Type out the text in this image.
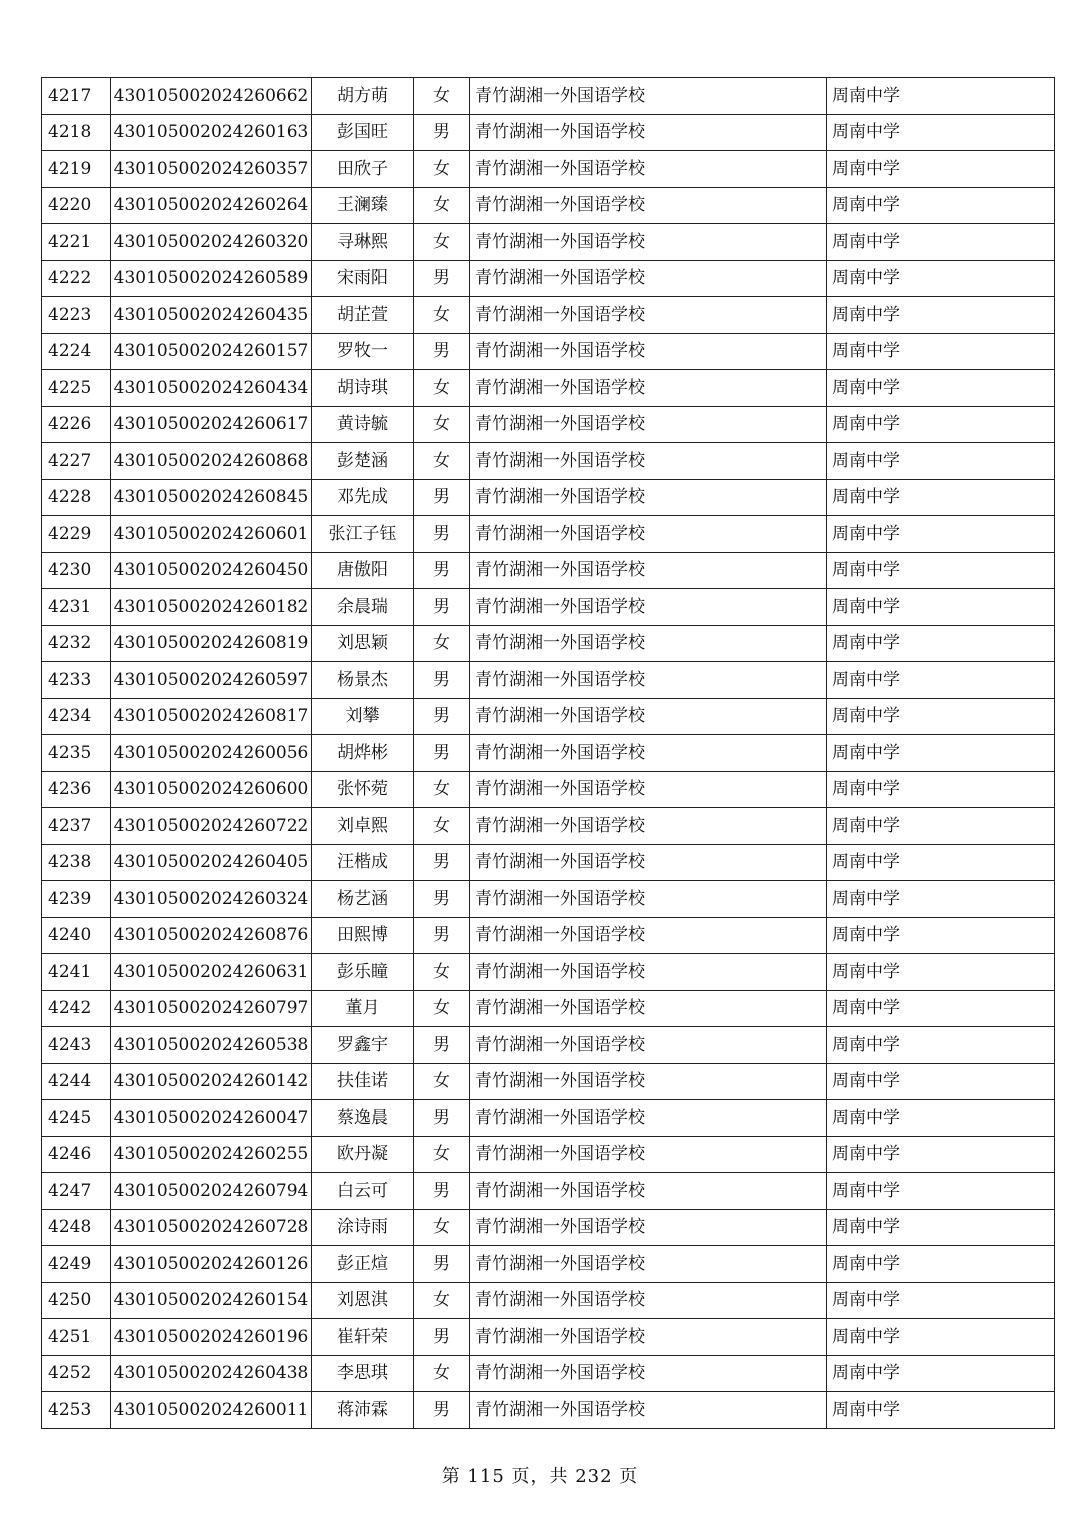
4217	430105002024260662	胡方萌	女	青竹湖湘一外国语学校	周南中学
4218	430105002024260163	彭国旺	男	青竹湖湘一外国语学校	周南中学
4219	430105002024260357	田欣子	女	青竹湖湘一外国语学校	周南中学
4220	430105002024260264	王澜臻	女	青竹湖湘一外国语学校	周南中学
4221	430105002024260320	寻琳熙	女	青竹湖湘一外国语学校	周南中学
4222	430105002024260589	宋雨阳	男	青竹湖湘一外国语学校	周南中学
4223	430105002024260435	胡芷萱	女	青竹湖湘一外国语学校	周南中学
4224	430105002024260157	罗牧一	男	青竹湖湘一外国语学校	周南中学
4225	430105002024260434	胡诗琪	女	青竹湖湘一外国语学校	周南中学
4226	430105002024260617	黄诗毓	女	青竹湖湘一外国语学校	周南中学
4227	430105002024260868	彭楚涵	女	青竹湖湘一外国语学校	周南中学
4228	430105002024260845	邓先成	男	青竹湖湘一外国语学校	周南中学
4229	430105002024260601	张江子钰	男	青竹湖湘一外国语学校	周南中学
4230	430105002024260450	唐傲阳	男	青竹湖湘一外国语学校	周南中学
4231	430105002024260182	余晨瑞	男	青竹湖湘一外国语学校	周南中学
4232	430105002024260819	刘思颖	女	青竹湖湘一外国语学校	周南中学
4233	430105002024260597	杨景杰	男	青竹湖湘一外国语学校	周南中学
4234	430105002024260817	刘攀	男	青竹湖湘一外国语学校	周南中学
4235	430105002024260056	胡烨彬	男	青竹湖湘一外国语学校	周南中学
4236	430105002024260600	张怀菀	女	青竹湖湘一外国语学校	周南中学
4237	430105002024260722	刘卓熙	女	青竹湖湘一外国语学校	周南中学
4238	430105002024260405	汪楷成	男	青竹湖湘一外国语学校	周南中学
4239	430105002024260324	杨艺涵	男	青竹湖湘一外国语学校	周南中学
4240	430105002024260876	田熙博	男	青竹湖湘一外国语学校	周南中学
4241	430105002024260631	彭乐瞳	女	青竹湖湘一外国语学校	周南中学
4242	430105002024260797	董月	女	青竹湖湘一外国语学校	周南中学
4243	430105002024260538	罗鑫宇	男	青竹湖湘一外国语学校	周南中学
4244	430105002024260142	扶佳诺	女	青竹湖湘一外国语学校	周南中学
4245	430105002024260047	蔡逸晨	男	青竹湖湘一外国语学校	周南中学
4246	430105002024260255	欧丹凝	女	青竹湖湘一外国语学校	周南中学
4247	430105002024260794	白云可	男	青竹湖湘一外国语学校	周南中学
4248	430105002024260728	涂诗雨	女	青竹湖湘一外国语学校	周南中学
4249	430105002024260126	彭正煊	男	青竹湖湘一外国语学校	周南中学
4250	430105002024260154	刘恩淇	女	青竹湖湘一外国语学校	周南中学
4251	430105002024260196	崔轩荣	男	青竹湖湘一外国语学校	周南中学
4252	430105002024260438	李思琪	女	青竹湖湘一外国语学校	周南中学
4253	430105002024260011	蒋沛霖	男	青竹湖湘一外国语学校	周南中学
第 115 页，共 232 页
